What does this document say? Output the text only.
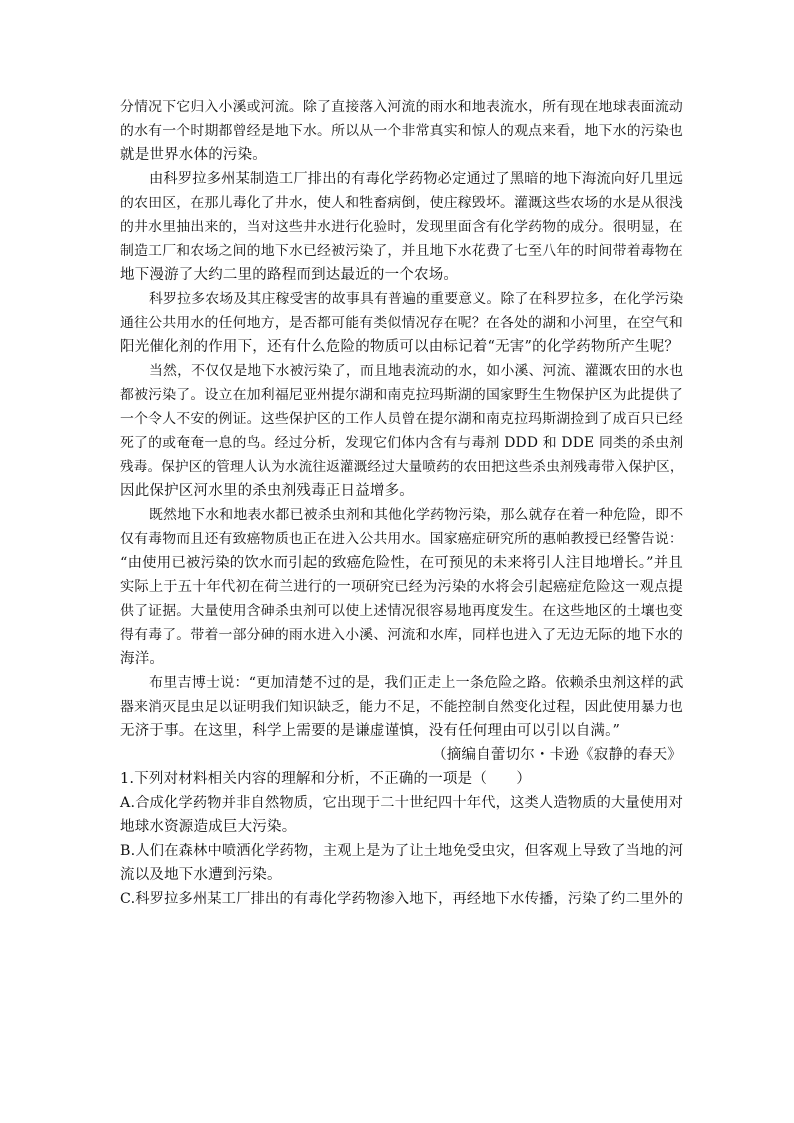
分情况下它归入小溪或河流。除了直接落入河流的雨水和地表流水，所有现在地球表面流动
的水有一个时期都曾经是地下水。所以从一个非常真实和惊人的观点来看，地下水的污染也
就是世界水体的污染。
由科罗拉多州某制造工厂排出的有毒化学药物必定通过了黑暗的地下海流向好几里远
的农田区，在那儿毒化了井水，使人和牲畜病倒，使庄稼毁坏。灌溉这些农场的水是从很浅
的井水里抽出来的，当对这些井水进行化验时，发现里面含有化学药物的成分。很明显，在
制造工厂和农场之间的地下水已经被污染了，并且地下水花费了七至八年的时间带着毒物在
地下漫游了大约二里的路程而到达最近的一个农场。
科罗拉多农场及其庄稼受害的故事具有普遍的重要意义。除了在科罗拉多，在化学污染
通往公共用水的任何地方，是否都可能有类似情况存在呢？在各处的湖和小河里，在空气和
阳光催化剂的作用下，还有什么危险的物质可以由标记着“无害”的化学药物所产生呢？
当然，不仅仅是地下水被污染了，而且地表流动的水，如小溪、河流、灌溉农田的水也
都被污染了。设立在加利福尼亚州提尔湖和南克拉玛斯湖的国家野生生物保护区为此提供了
一个令人不安的例证。这些保护区的工作人员曾在提尔湖和南克拉玛斯湖捡到了成百只已经
死了的或奄奄一息的鸟。经过分析，发现它们体内含有与毒剂 DDD 和 DDE 同类的杀虫剂
残毒。保护区的管理人认为水流往返灌溉经过大量喷药的农田把这些杀虫剂残毒带入保护区，
因此保护区河水里的杀虫剂残毒正日益增多。
既然地下水和地表水都已被杀虫剂和其他化学药物污染，那么就存在着一种危险，即不
仅有毒物而且还有致癌物质也正在进入公共用水。国家癌症研究所的惠帕教授已经警告说：
“由使用已被污染的饮水而引起的致癌危险性，在可预见的未来将引人注目地增长。”并且
实际上于五十年代初在荷兰进行的一项研究已经为污染的水将会引起癌症危险这一观点提
供了证据。大量使用含砷杀虫剂可以使上述情况很容易地再度发生。在这些地区的土壤也变
得有毒了。带着一部分砷的雨水进入小溪、河流和水库，同样也进入了无边无际的地下水的
海洋。
布里吉博士说：“更加清楚不过的是，我们正走上一条危险之路。依赖杀虫剂这样的武
器来消灭昆虫足以证明我们知识缺乏，能力不足，不能控制自然变化过程，因此使用暴力也
无济于事。在这里，科学上需要的是谦虚谨慎，没有任何理由可以引以自满。”
（摘编自蕾切尔・卡逊《寂静的春天》
1.下列对材料相关内容的理解和分析，不正确的一项是（　　）
A.合成化学药物并非自然物质，它出现于二十世纪四十年代，这类人造物质的大量使用对
地球水资源造成巨大污染。
B.人们在森林中喷洒化学药物，主观上是为了让土地免受虫灾，但客观上导致了当地的河
流以及地下水遭到污染。
C.科罗拉多州某工厂排出的有毒化学药物渗入地下，再经地下水传播，污染了约二里外的
